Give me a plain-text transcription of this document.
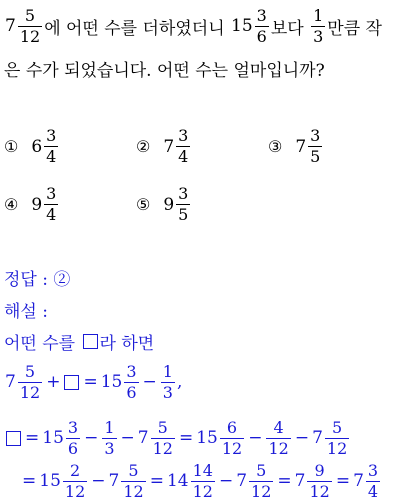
$7 \frac{5}{12}$ 에 어떤 수를 더하였더니 $15 \frac{3}{6}$ 보다 $\frac{1}{3}$ 만큼 작
은 수가 되었습니다. 어떤 수는 얼마입니까?
① $6 \frac{3}{4}$	② $7 \frac{3}{4}$	③ $7 \frac{3}{5}$
④ $9 \frac{3}{4}$	⑤ $9 \frac{3}{5}$
정답 : ②
해설 :
어떤 수를 라 하면
$7 \frac{5}{12}$ + = $15 \frac{3}{6} - \frac{1}{3}$ ,
= $15 \frac{3}{6} - \frac{1}{3} - 7 \frac{5}{12} = 15 \frac{6}{12} - \frac{4}{12} - 7 \frac{5}{12}$
= $15 \frac{2}{12} - 7 \frac{5}{12} = 14 \frac{14}{12} - 7 \frac{5}{12} = 7 \frac{9}{12} = 7 \frac{3}{4}$
